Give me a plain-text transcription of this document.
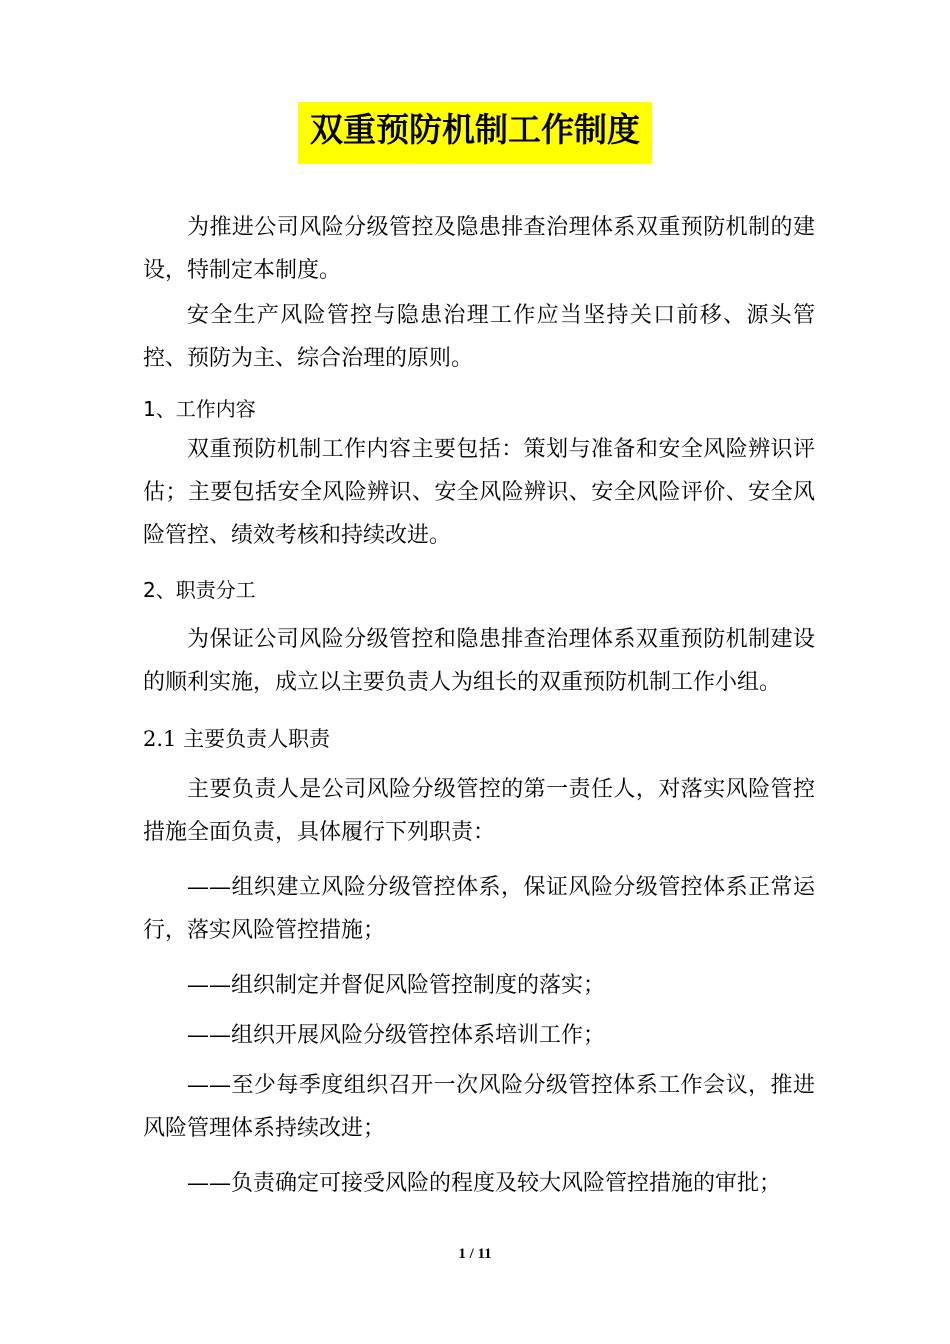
双重预防机制工作制度

为推进公司风险分级管控及隐患排查治理体系双重预防机制的建设，特制定本制度。

安全生产风险管控与隐患治理工作应当坚持关口前移、源头管控、预防为主、综合治理的原则。

1、工作内容

双重预防机制工作内容主要包括：策划与准备和安全风险辨识评估；主要包括安全风险辨识、安全风险辨识、安全风险评价、安全风险管控、绩效考核和持续改进。

2、职责分工

为保证公司风险分级管控和隐患排查治理体系双重预防机制建设的顺利实施，成立以主要负责人为组长的双重预防机制工作小组。

2.1 主要负责人职责

主要负责人是公司风险分级管控的第一责任人，对落实风险管控措施全面负责，具体履行下列职责：

——组织建立风险分级管控体系，保证风险分级管控体系正常运行，落实风险管控措施；

——组织制定并督促风险管控制度的落实；

——组织开展风险分级管控体系培训工作；

——至少每季度组织召开一次风险分级管控体系工作会议，推进风险管理体系持续改进；

——负责确定可接受风险的程度及较大风险管控措施的审批；

1 / 11
